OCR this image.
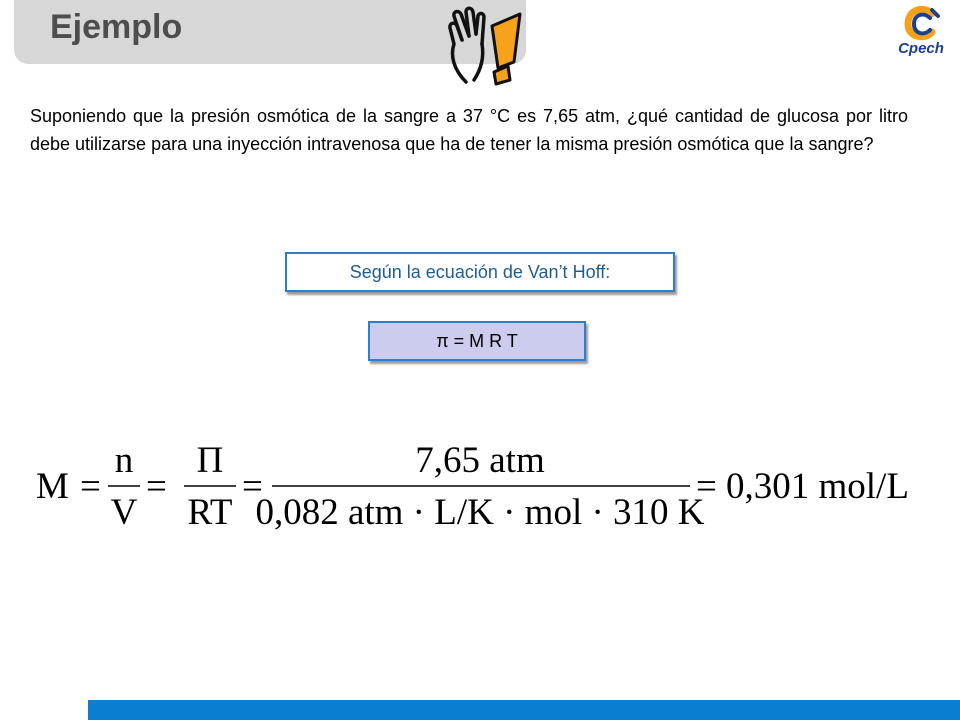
Ejemplo
Cpech
Suponiendo que la presión osmótica de la sangre a 37 °C es 7,65 atm, ¿qué cantidad de glucosa por litro debe utilizarse para una inyección intravenosa que ha de tener la misma presión osmótica que la sangre?
Según la ecuación de Van’t Hoff:
π = M R T
M =
n
V
=
Π
RT
=
7,65 atm
0,082 atm · L/K · mol · 310 K
= 0,301 mol/L
